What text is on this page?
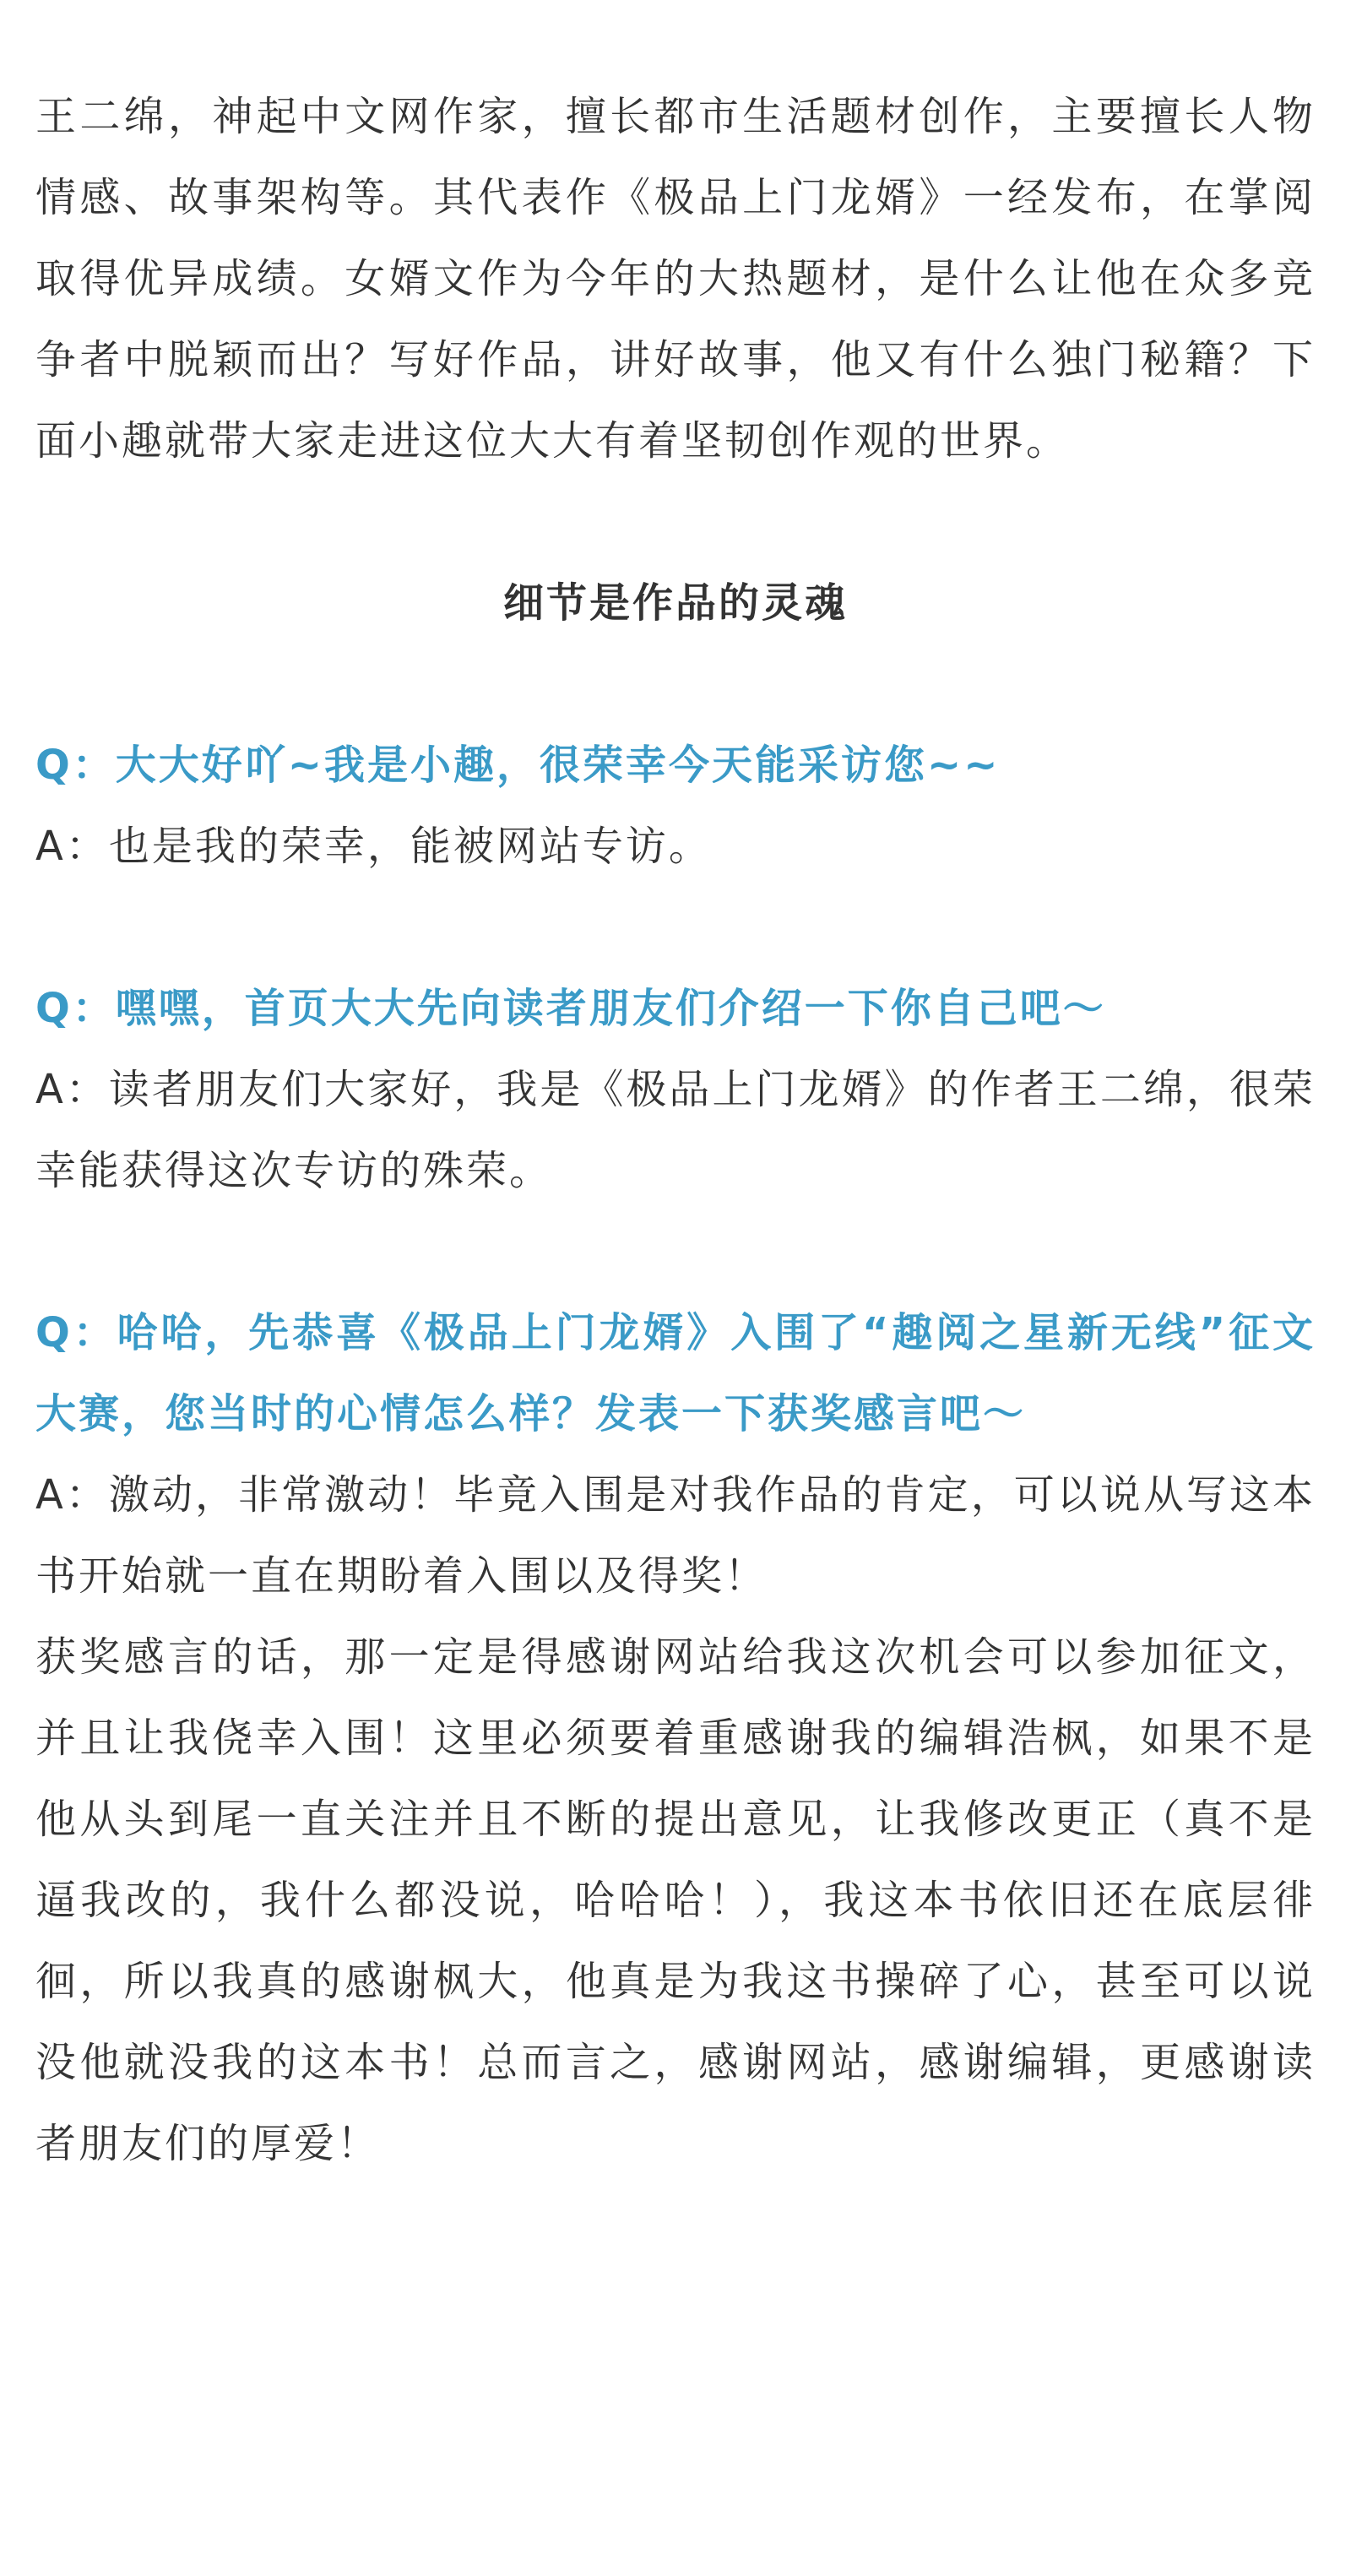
王二绵，神起中文网作家，擅长都市生活题材创作，主要擅长人物情感、故事架构等。其代表作《极品上门龙婿》一经发布，在掌阅取得优异成绩。女婿文作为今年的大热题材，是什么让他在众多竞争者中脱颖而出？写好作品，讲好故事，他又有什么独门秘籍？下面小趣就带大家走进这位大大有着坚韧创作观的世界。

细节是作品的灵魂

Q：大大好吖~我是小趣，很荣幸今天能采访您~~

A：也是我的荣幸，能被网站专访。

Q：嘿嘿，首页大大先向读者朋友们介绍一下你自己吧～

A：读者朋友们大家好，我是《极品上门龙婿》的作者王二绵，很荣幸能获得这次专访的殊荣。

Q：哈哈，先恭喜《极品上门龙婿》入围了“趣阅之星新无线”征文大赛，您当时的心情怎么样？发表一下获奖感言吧～

A：激动，非常激动！毕竟入围是对我作品的肯定，可以说从写这本书开始就一直在期盼着入围以及得奖！

获奖感言的话，那一定是得感谢网站给我这次机会可以参加征文，并且让我侥幸入围！这里必须要着重感谢我的编辑浩枫，如果不是他从头到尾一直关注并且不断的提出意见，让我修改更正（真不是逼我改的，我什么都没说，哈哈哈！），我这本书依旧还在底层徘徊，所以我真的感谢枫大，他真是为我这书操碎了心，甚至可以说没他就没我的这本书！总而言之，感谢网站，感谢编辑，更感谢读者朋友们的厚爱！
